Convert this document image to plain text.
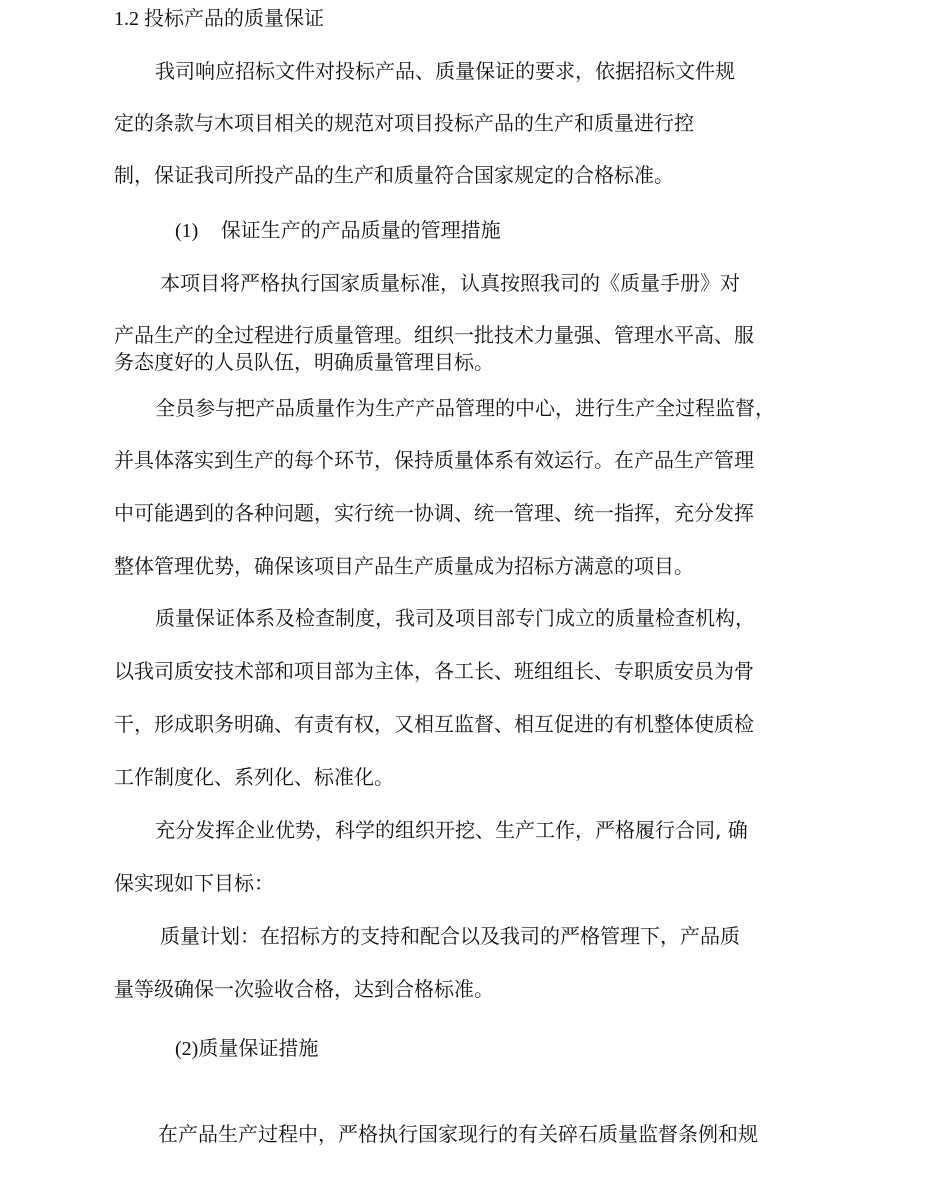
1.2 投标产品的质量保证
我司响应招标文件对投标产品、质量保证的要求，依据招标文件规
定的条款与木项目相关的规范对项目投标产品的生产和质量进行控
制，保证我司所投产品的生产和质量符合国家规定的合格标准。
(1) 保证生产的产品质量的管理措施
本项目将严格执行国家质量标准，认真按照我司的《质量手册》对
产品生产的全过程进行质量管理。组织一批技术力量强、管理水平高、服
务态度好的人员队伍，明确质量管理目标。
全员参与把产品质量作为生产产品管理的中心，进行生产全过程监督，
并具体落实到生产的每个环节，保持质量体系有效运行。在产品生产管理
中可能遇到的各种问题，实行统一协调、统一管理、统一指挥，充分发挥
整体管理优势，确保该项目产品生产质量成为招标方满意的项目。
质量保证体系及检查制度，我司及项目部专门成立的质量检查机构，
以我司质安技术部和项目部为主体，各工长、班组组长、专职质安员为骨
干，形成职务明确、有责有权，又相互监督、相互促进的有机整体使质检
工作制度化、系列化、标准化。
充分发挥企业优势，科学的组织开挖、生产工作，严格履行合同, 确
保实现如下目标：
质量计划：在招标方的支持和配合以及我司的严格管理下，产品质
量等级确保一次验收合格，达到合格标准。
(2)质量保证措施
在产品生产过程中，严格执行国家现行的有关碎石质量监督条例和规
